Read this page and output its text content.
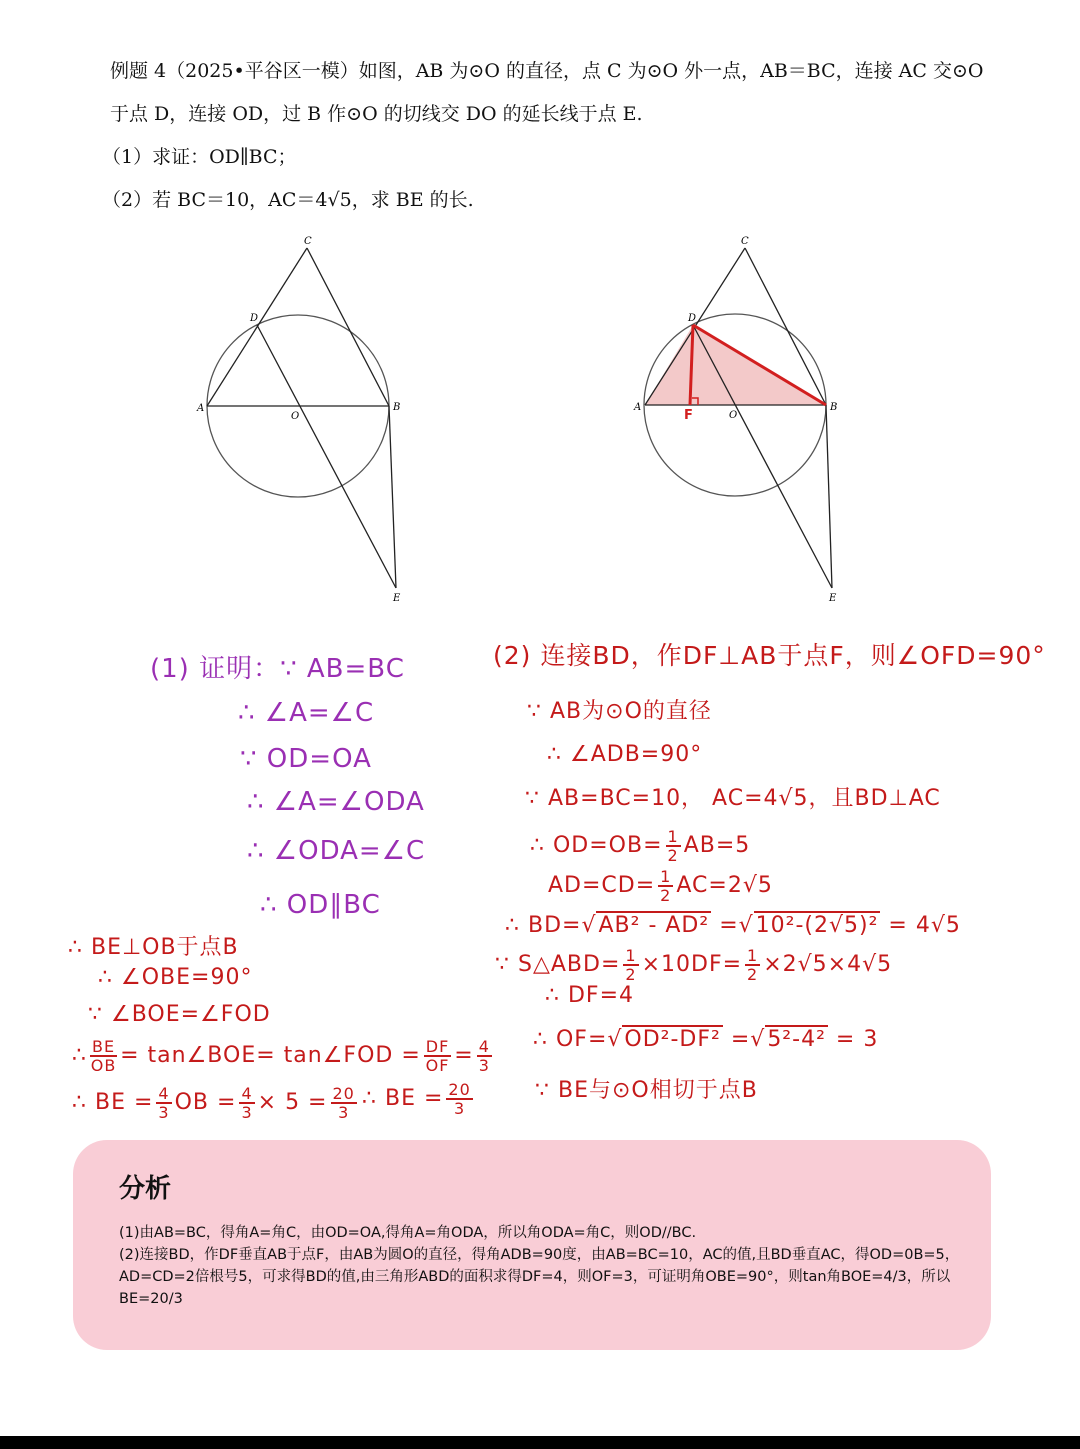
例题 4（2025•平谷区一模）如图，AB 为⊙O 的直径，点 C 为⊙O 外一点，AB＝BC，连接 AC 交⊙O

于点 D，连接 OD，过 B 作⊙O 的切线交 DO 的延长线于点 E.

（1）求证：OD∥BC；

（2）若 BC＝10，AC＝4√5，求 BE 的长.

C
D
A
O
B
E
C
D
A
O
B
E
F
(1) 证明：∵ AB=BC
∴ ∠A=∠C
∵ OD=OA
∴ ∠A=∠ODA
∴ ∠ODA=∠C
∴ OD∥BC
(2) 连接BD，作DF⊥AB于点F，则∠OFD=90°
∵ AB为⊙O的直径
∴ ∠ADB=90°
∵ AB=BC=10， AC=4√5，且BD⊥AC
∴ $OD=OB= \frac{1}{2} AB=5$
$AD=CD= \frac{1}{2} AC=2√5$
∴ BD=√AB² - AD² =√10²-(2√5)² = 4√5
∵ S△ABD= $\frac{1}{2} \times 10DF= \frac{1}{2} \times 2√5\times 4√5$
∴ DF=4
∴ OF=√OD²-DF² =√5²-4² = 3
∵ BE与⊙O相切于点B
∴ BE⊥OB于点B
∴ ∠OBE=90°
∵ ∠BOE=∠FOD
∴ $\frac{BE}{OB}$ = tan∠BOE= tan∠FOD = $\frac{DF}{OF} = \frac{4}{3}$
∴ BE = $\frac{4}{3}$ OB = $\frac{4}{3} \times 5 = \frac{20}{3}$ ∴ BE = $\frac{20}{3}$
分析

(1)由AB=BC，得角A=角C，由OD=OA,得角A=角ODA，所以角ODA=角C，则OD//BC.

(2)连接BD，作DF垂直AB于点F，由AB为圆O的直径，得角ADB=90度，由AB=BC=10，AC的值,且BD垂直AC，得OD=0B=5，AD=CD=2倍根号5，可求得BD的值,由三角形ABD的面积求得DF=4，则OF=3，可证明角OBE=90°，则tan角BOE=4/3，所以BE=20/3
